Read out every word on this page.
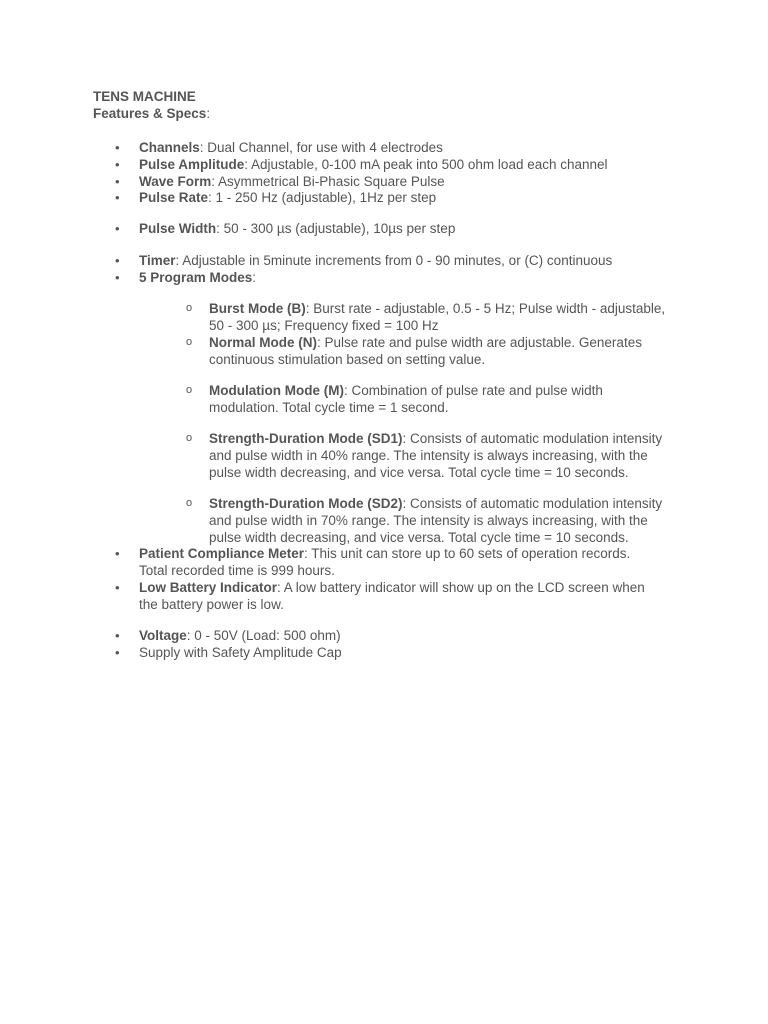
TENS MACHINE
Features & Specs:
•	Channels: Dual Channel, for use with 4 electrodes
•	Pulse Amplitude: Adjustable, 0-100 mA peak into 500 ohm load each channel
•	Wave Form: Asymmetrical Bi-Phasic Square Pulse
•	Pulse Rate: 1 - 250 Hz (adjustable), 1Hz per step
•	Pulse Width: 50 - 300 µs (adjustable), 10µs per step
•	Timer: Adjustable in 5minute increments from 0 - 90 minutes, or (C) continuous
•	5 Program Modes:
o	Burst Mode (B): Burst rate - adjustable, 0.5 - 5 Hz; Pulse width - adjustable, 50 - 300 µs; Frequency fixed = 100 Hz
o	Normal Mode (N): Pulse rate and pulse width are adjustable. Generates continuous stimulation based on setting value.
o	Modulation Mode (M): Combination of pulse rate and pulse width modulation. Total cycle time = 1 second.
o	Strength-Duration Mode (SD1): Consists of automatic modulation intensity and pulse width in 40% range. The intensity is always increasing, with the pulse width decreasing, and vice versa. Total cycle time = 10 seconds.
o	Strength-Duration Mode (SD2): Consists of automatic modulation intensity and pulse width in 70% range. The intensity is always increasing, with the pulse width decreasing, and vice versa. Total cycle time = 10 seconds.
•	Patient Compliance Meter: This unit can store up to 60 sets of operation records. Total recorded time is 999 hours.
•	Low Battery Indicator: A low battery indicator will show up on the LCD screen when the battery power is low.
•	Voltage: 0 - 50V (Load: 500 ohm)
•	Supply with Safety Amplitude Cap
